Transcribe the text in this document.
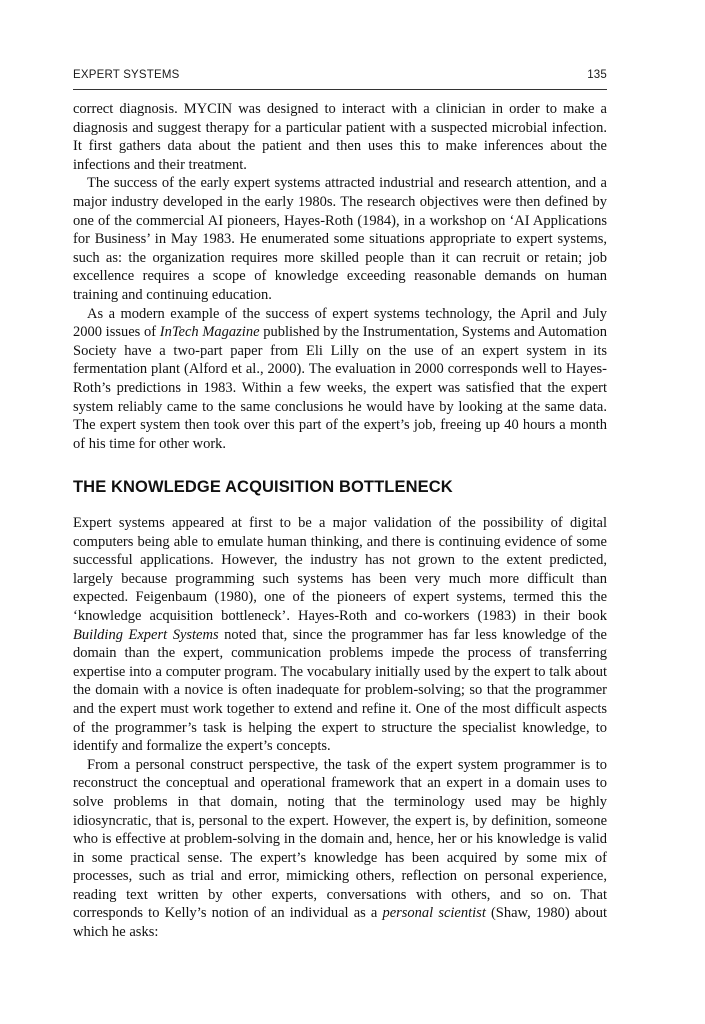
EXPERT SYSTEMS	135

correct diagnosis. MYCIN was designed to interact with a clinician in order to make a diagnosis and suggest therapy for a particular patient with a suspected microbial infection. It first gathers data about the patient and then uses this to make inferences about the infections and their treatment.

The success of the early expert systems attracted industrial and research attention, and a major industry developed in the early 1980s. The research objectives were then defined by one of the commercial AI pioneers, Hayes-Roth (1984), in a workshop on ‘AI Applications for Business’ in May 1983. He enumerated some situations appropriate to expert systems, such as: the organization requires more skilled people than it can recruit or retain; job excellence requires a scope of knowledge exceeding reasonable demands on human training and continuing education.

As a modern example of the success of expert systems technology, the April and July 2000 issues of InTech Magazine published by the Instrumentation, Systems and Automation Society have a two-part paper from Eli Lilly on the use of an expert system in its fermentation plant (Alford et al., 2000). The evaluation in 2000 corresponds well to Hayes-Roth’s predictions in 1983. Within a few weeks, the expert was satisfied that the expert system reliably came to the same conclusions he would have by looking at the same data. The expert system then took over this part of the expert’s job, freeing up 40 hours a month of his time for other work.

THE KNOWLEDGE ACQUISITION BOTTLENECK

Expert systems appeared at first to be a major validation of the possibility of digital computers being able to emulate human thinking, and there is continuing evidence of some successful applications. However, the industry has not grown to the extent predicted, largely because programming such systems has been very much more difficult than expected. Feigenbaum (1980), one of the pioneers of expert systems, termed this the ‘knowledge acquisition bottleneck’. Hayes-Roth and co-workers (1983) in their book Building Expert Systems noted that, since the programmer has far less knowledge of the domain than the expert, communication problems impede the process of transferring expertise into a computer program. The vocabulary initially used by the expert to talk about the domain with a novice is often inadequate for problem-solving; so that the programmer and the expert must work together to extend and refine it. One of the most difficult aspects of the programmer’s task is helping the expert to structure the specialist knowledge, to identify and formalize the expert’s concepts.

From a personal construct perspective, the task of the expert system programmer is to reconstruct the conceptual and operational framework that an expert in a domain uses to solve problems in that domain, noting that the terminology used may be highly idiosyncratic, that is, personal to the expert. However, the expert is, by definition, someone who is effective at problem-solving in the domain and, hence, her or his knowledge is valid in some practical sense. The expert’s knowledge has been acquired by some mix of processes, such as trial and error, mimicking others, reflection on personal experience, reading text written by other experts, conversations with others, and so on. That corresponds to Kelly’s notion of an individual as a personal scientist (Shaw, 1980) about which he asks:
